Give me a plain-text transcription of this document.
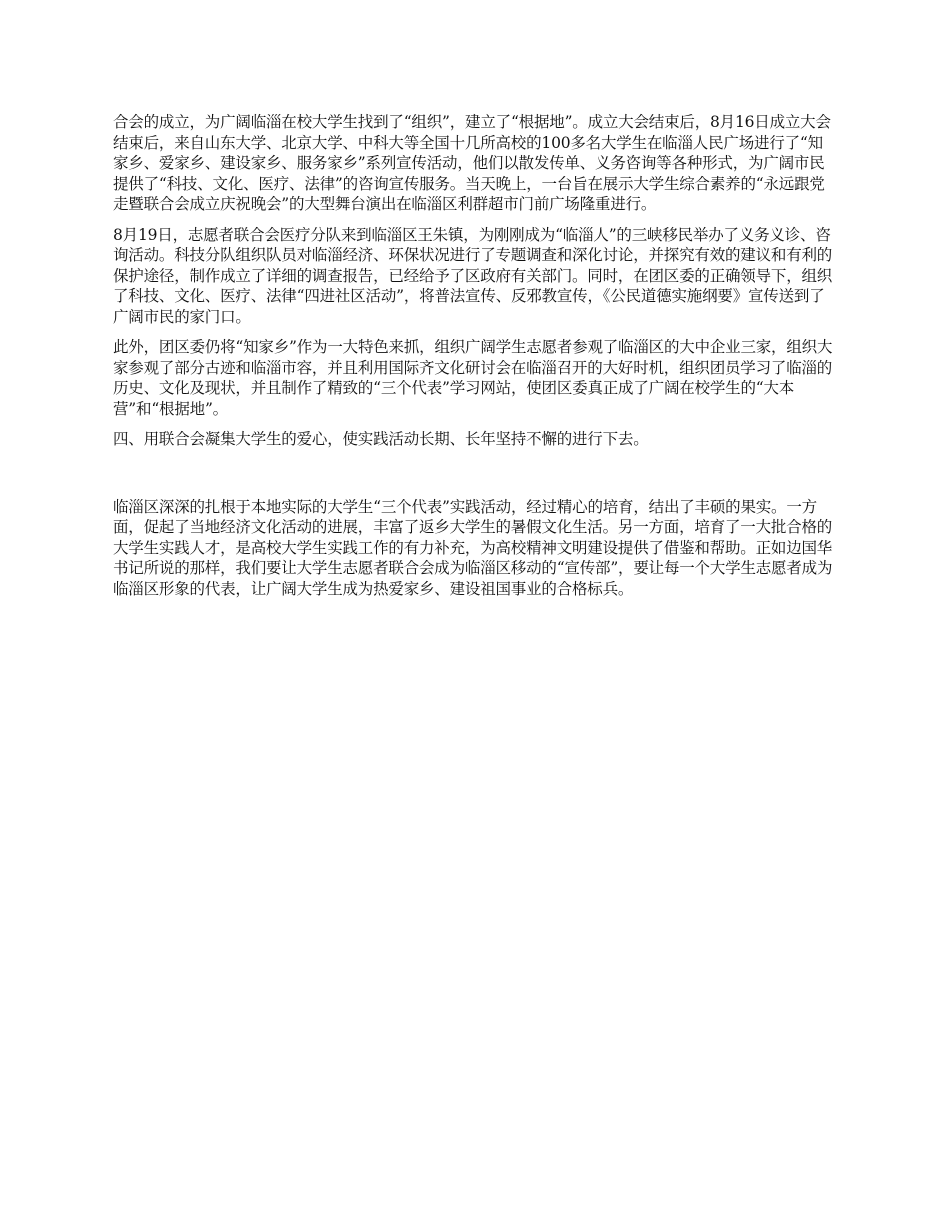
合会的成立，为广阔临淄在校大学生找到了“组织”，建立了“根据地”。成立大会结束后，8月16日成立大会结束后，来自山东大学、北京大学、中科大等全国十几所高校的100多名大学生在临淄人民广场进行了“知家乡、爱家乡、建设家乡、服务家乡”系列宣传活动，他们以散发传单、义务咨询等各种形式，为广阔市民提供了“科技、文化、医疗、法律”的咨询宣传服务。当天晚上，一台旨在展示大学生综合素养的“永远跟党走暨联合会成立庆祝晚会”的大型舞台演出在临淄区利群超市门前广场隆重进行。

8月19日，志愿者联合会医疗分队来到临淄区王朱镇，为刚刚成为“临淄人”的三峡移民举办了义务义诊、咨询活动。科技分队组织队员对临淄经济、环保状况进行了专题调查和深化讨论，并探究有效的建议和有利的保护途径，制作成立了详细的调查报告，已经给予了区政府有关部门。同时，在团区委的正确领导下，组织了科技、文化、医疗、法律“四进社区活动”，将普法宣传、反邪教宣传，《公民道德实施纲要》宣传送到了广阔市民的家门口。

此外，团区委仍将“知家乡”作为一大特色来抓，组织广阔学生志愿者参观了临淄区的大中企业三家，组织大家参观了部分古迹和临淄市容，并且利用国际齐文化研讨会在临淄召开的大好时机，组织团员学习了临淄的历史、文化及现状，并且制作了精致的“三个代表”学习网站，使团区委真正成了广阔在校学生的“大本营”和“根据地”。

四、用联合会凝集大学生的爱心，使实践活动长期、长年坚持不懈的进行下去。

临淄区深深的扎根于本地实际的大学生“三个代表”实践活动，经过精心的培育，结出了丰硕的果实。一方面，促起了当地经济文化活动的进展，丰富了返乡大学生的暑假文化生活。另一方面，培育了一大批合格的大学生实践人才，是高校大学生实践工作的有力补充，为高校精神文明建设提供了借鉴和帮助。正如边国华书记所说的那样，我们要让大学生志愿者联合会成为临淄区移动的“宣传部”，要让每一个大学生志愿者成为临淄区形象的代表，让广阔大学生成为热爱家乡、建设祖国事业的合格标兵。
